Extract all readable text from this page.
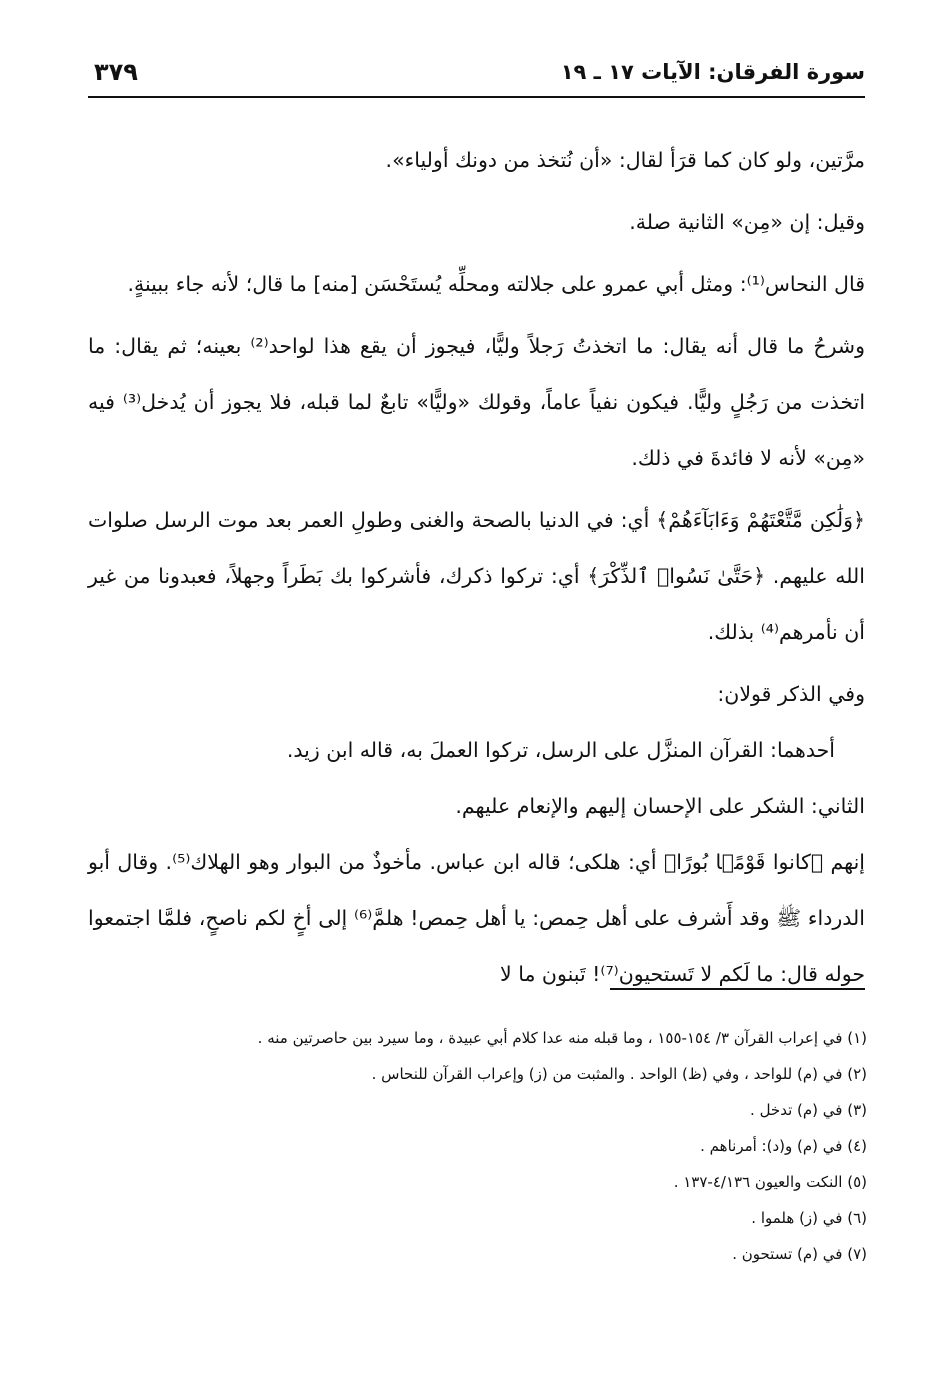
سورة الفرقان: الآيات ١٧ ـ ١٩
٣٧٩

مرَّتين، ولو كان كما قرَأ لقال: «أن نُتخذ من دونك أولياء».

وقيل: إن «مِن» الثانية صلة.

قال النحاس⁽¹⁾: ومثل أبي عمرو على جلالته ومحلِّه يُستَحْسَن [منه] ما قال؛ لأنه جاء ببينةٍ.

وشرحُ ما قال أنه يقال: ما اتخذتُ رَجلاً وليًّا، فيجوز أن يقع هذا لواحد⁽²⁾ بعينه؛ ثم يقال: ما اتخذت من رَجُلٍ وليًّا. فيكون نفياً عاماً، وقولك «وليًّا» تابعٌ لما قبله، فلا يجوز أن يُدخل⁽³⁾ فيه «مِن» لأنه لا فائدةَ في ذلك.

﴿وَلَٰكِن مَّتَّعْتَهُمْ وَءَابَآءَهُمْ﴾ أي: في الدنيا بالصحة والغنى وطولِ العمر بعد موت الرسل صلوات الله عليهم. ﴿حَتَّىٰ نَسُوا۟ ٱلذِّكْرَ﴾ أي: تركوا ذكرك، فأشركوا بك بَطَراً وجهلاً، فعبدونا من غير أن نأمرهم⁽⁴⁾ بذلك.

وفي الذكر قولان:

أحدهما: القرآن المنزَّل على الرسل، تركوا العملَ به، قاله ابن زيد.

الثاني: الشكر على الإحسان إليهم والإنعام عليهم.

إنهم ﴿كانوا قَوْمًۢا بُورًا﴾ أي: هلكى؛ قاله ابن عباس. مأخوذٌ من البوار وهو الهلاك⁽⁵⁾. وقال أبو الدرداء ﷺ وقد أَشرف على أهل حِمص: يا أهل حِمص! هلمَّ⁽⁶⁾ إلى أخٍ لكم ناصحٍ، فلمَّا اجتمعوا حوله قال: ما لَكم لا تَستحيون⁽⁷⁾! تَبنون ما لا

(١) في إعراب القرآن ٣/ ١٥٤-١٥٥ ، وما قبله منه عدا كلام أبي عبيدة ، وما سيرد بين حاصرتين منه .

(٢) في (م) للواحد ، وفي (ظ) الواحد . والمثبت من (ز) وإعراب القرآن للنحاس .

(٣) في (م) تدخل .

(٤) في (م) و(د): أمرناهم .

(٥) النكت والعيون ٤/١٣٦-١٣٧ .

(٦) في (ز) هلموا .

(٧) في (م) تستحون .
